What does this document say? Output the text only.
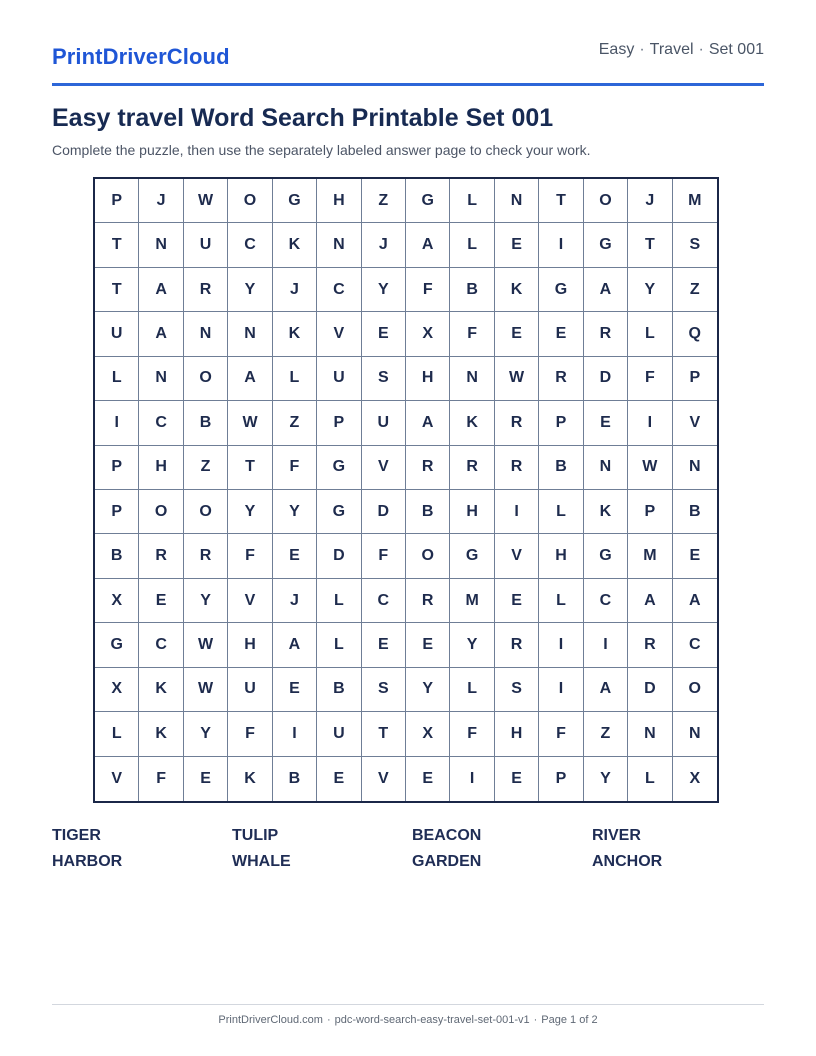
PrintDriverCloud	Easy · Travel · Set 001
Easy travel Word Search Printable Set 001

Complete the puzzle, then use the separately labeled answer page to check your work.

P	J	W	O	G	H	Z	G	L	N	T	O	J	M
T	N	U	C	K	N	J	A	L	E	I	G	T	S
T	A	R	Y	J	C	Y	F	B	K	G	A	Y	Z
U	A	N	N	K	V	E	X	F	E	E	R	L	Q
L	N	O	A	L	U	S	H	N	W	R	D	F	P
I	C	B	W	Z	P	U	A	K	R	P	E	I	V
P	H	Z	T	F	G	V	R	R	R	B	N	W	N
P	O	O	Y	Y	G	D	B	H	I	L	K	P	B
B	R	R	F	E	D	F	O	G	V	H	G	M	E
X	E	Y	V	J	L	C	R	M	E	L	C	A	A
G	C	W	H	A	L	E	E	Y	R	I	I	R	C
X	K	W	U	E	B	S	Y	L	S	I	A	D	O
L	K	Y	F	I	U	T	X	F	H	F	Z	N	N
V	F	E	K	B	E	V	E	I	E	P	Y	L	X
TIGER	TULIP	BEACON	RIVER
HARBOR	WHALE	GARDEN	ANCHOR
PrintDriverCloud.com · pdc-word-search-easy-travel-set-001-v1 · Page 1 of 2
